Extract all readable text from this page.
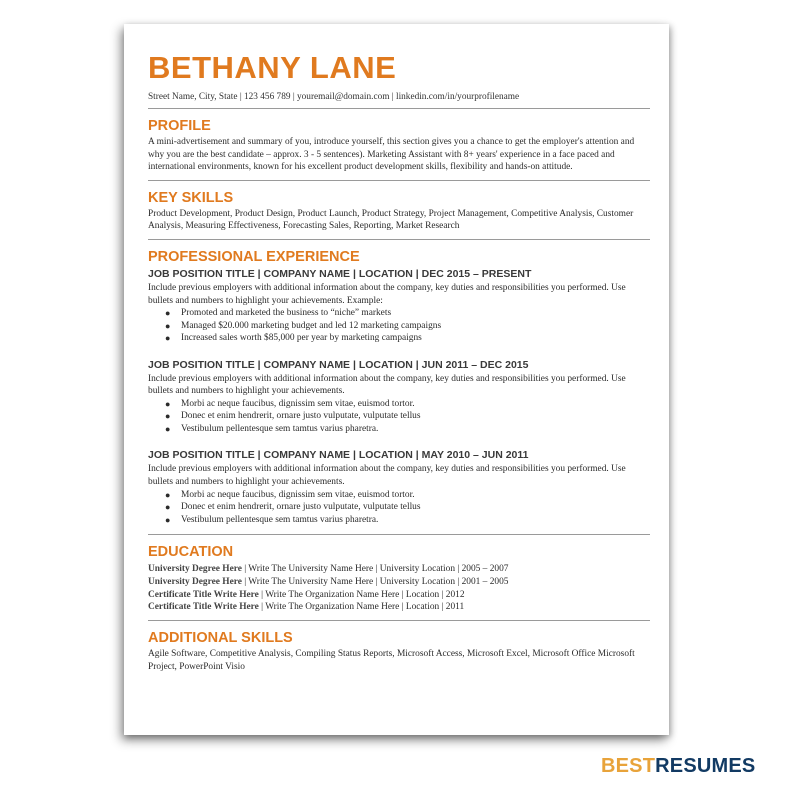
BETHANY LANE
Street Name, City, State | 123 456 789 | youremail@domain.com | linkedin.com/in/yourprofilename
PROFILE

A mini-advertisement and summary of you, introduce yourself, this section gives you a chance to get the employer's attention and why you are the best candidate – approx. 3 - 5 sentences). Marketing Assistant with 8+ years' experience in a face paced and international environments, known for his excellent product development skills, flexibility and hands-on attitude.

KEY SKILLS

Product Development, Product Design, Product Launch, Product Strategy, Project Management, Competitive Analysis, Customer Analysis, Measuring Effectiveness, Forecasting Sales, Reporting, Market Research

PROFESSIONAL EXPERIENCE
JOB POSITION TITLE | COMPANY NAME | LOCATION | DEC 2015 – PRESENT

Include previous employers with additional information about the company, key duties and responsibilities you performed. Use bullets and numbers to highlight your achievements. Example:

● Promoted and marketed the business to “niche” markets
● Managed $20.000 marketing budget and led 12 marketing campaigns
● Increased sales worth $85,000 per year by marketing campaigns
JOB POSITION TITLE | COMPANY NAME | LOCATION | JUN 2011 – DEC 2015

Include previous employers with additional information about the company, key duties and responsibilities you performed. Use bullets and numbers to highlight your achievements.

● Morbi ac neque faucibus, dignissim sem vitae, euismod tortor.
● Donec et enim hendrerit, ornare justo vulputate, vulputate tellus
● Vestibulum pellentesque sem tamtus varius pharetra.
JOB POSITION TITLE | COMPANY NAME | LOCATION | MAY 2010 – JUN 2011

Include previous employers with additional information about the company, key duties and responsibilities you performed. Use bullets and numbers to highlight your achievements.

● Morbi ac neque faucibus, dignissim sem vitae, euismod tortor.
● Donec et enim hendrerit, ornare justo vulputate, vulputate tellus
● Vestibulum pellentesque sem tamtus varius pharetra.
EDUCATION
University Degree Here | Write The University Name Here | University Location | 2005 – 2007
University Degree Here | Write The University Name Here | University Location | 2001 – 2005
Certificate Title Write Here | Write The Organization Name Here | Location | 2012
Certificate Title Write Here | Write The Organization Name Here | Location | 2011
ADDITIONAL SKILLS

Agile Software, Competitive Analysis, Compiling Status Reports, Microsoft Access, Microsoft Excel, Microsoft Office Microsoft Project, PowerPoint Visio

BESTRESUMES
